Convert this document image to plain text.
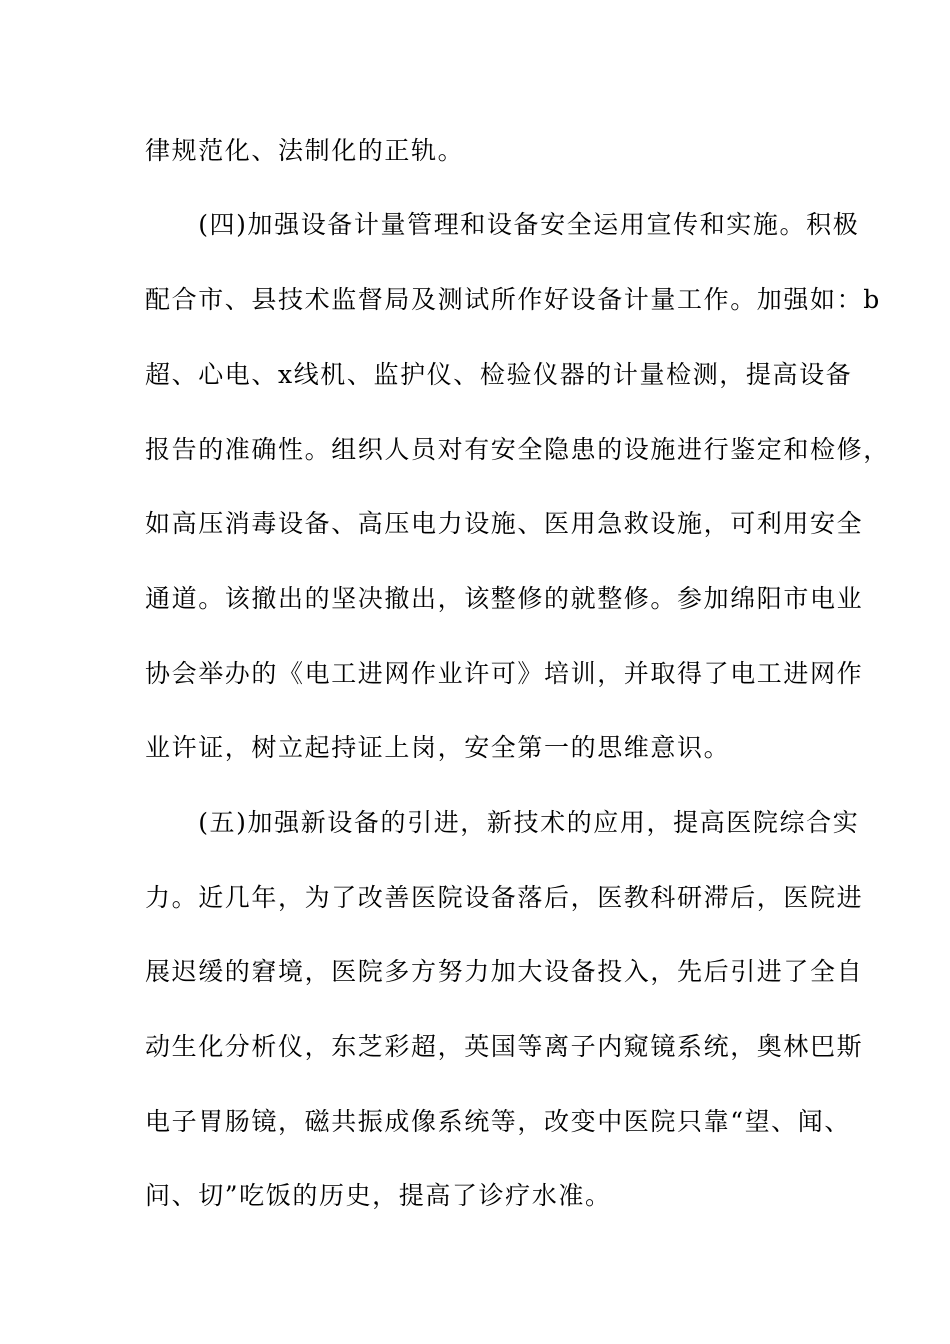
律规范化、法制化的正轨。
　　(四)加强设备计量管理和设备安全运用宣传和实施。积极
配合市、县技术监督局及测试所作好设备计量工作。加强如：b
超、心电、x线机、监护仪、检验仪器的计量检测，提高设备
报告的准确性。组织人员对有安全隐患的设施进行鉴定和检修，
如高压消毒设备、高压电力设施、医用急救设施，可利用安全
通道。该撤出的坚决撤出，该整修的就整修。参加绵阳市电业
协会举办的《电工进网作业许可》培训，并取得了电工进网作
业许证，树立起持证上岗，安全第一的思维意识。
　　(五)加强新设备的引进，新技术的应用，提高医院综合实
力。近几年，为了改善医院设备落后，医教科研滞后，医院进
展迟缓的窘境，医院多方努力加大设备投入，先后引进了全自
动生化分析仪，东芝彩超，英国等离子内窥镜系统，奥林巴斯
电子胃肠镜，磁共振成像系统等，改变中医院只靠“望、闻、
问、切”吃饭的历史，提高了诊疗水准。
